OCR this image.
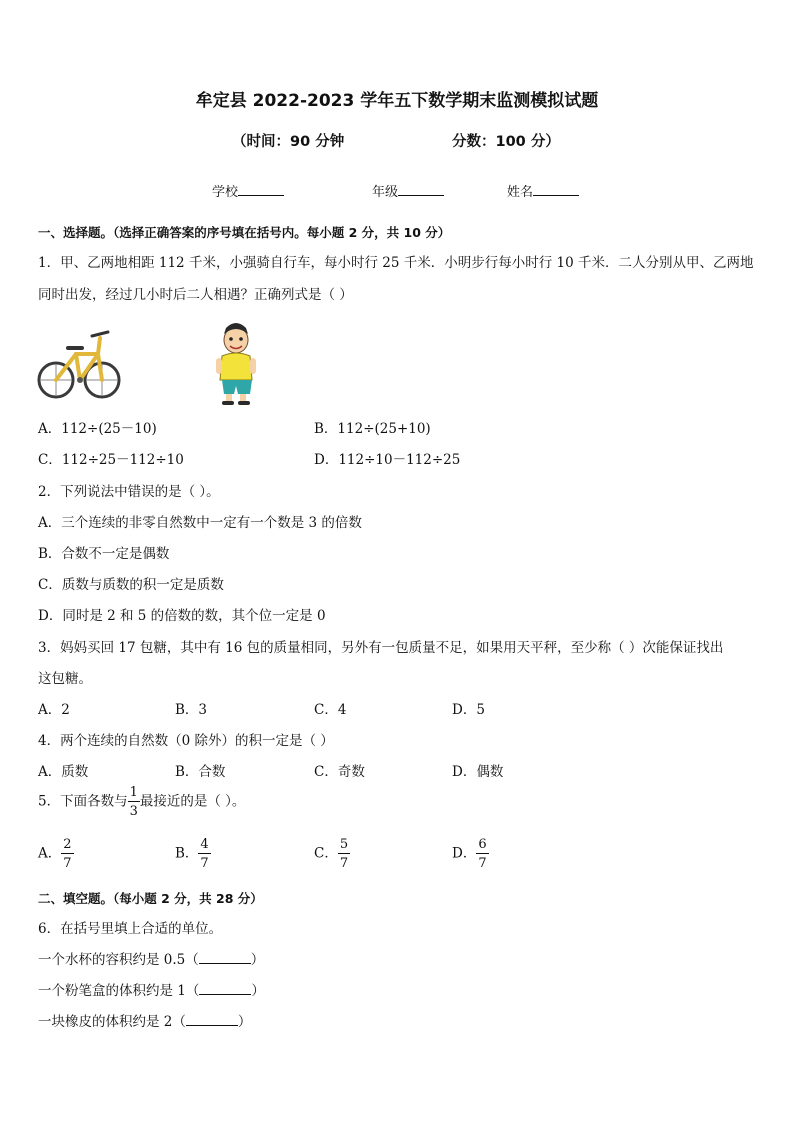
牟定县 2022-2023 学年五下数学期末监测模拟试题
（时间：90 分钟	分数：100 分）
学校	年级	姓名
一、选择题。（选择正确答案的序号填在括号内。每小题 2 分，共 10 分）
1．甲、乙两地相距 112 千米，小强骑自行车，每小时行 25 千米．小明步行每小时行 10 千米．二人分别从甲、乙两地
同时出发，经过几小时后二人相遇？正确列式是（ ）
A．112÷(25－10)	B．112÷(25+10)
C．112÷25－112÷10	D．112÷10－112÷25
2．下列说法中错误的是（ ）。
A．三个连续的非零自然数中一定有一个数是 3 的倍数
B．合数不一定是偶数
C．质数与质数的积一定是质数
D．同时是 2 和 5 的倍数的数，其个位一定是 0
3．妈妈买回 17 包糖，其中有 16 包的质量相同，另外有一包质量不足，如果用天平秤，至少称（ ）次能保证找出
这包糖。
A．2	B．3	C．4	D．5
4．两个连续的自然数（0 除外）的积一定是（ ）
A．质数	B．合数	C．奇数	D．偶数
5．下面各数与 $\frac{1}{3}$ 最接近的是（ ）。
A． $\frac{2}{7}$	B． $\frac{4}{7}$	C． $\frac{5}{7}$	D． $\frac{6}{7}$
二、填空题。（每小题 2 分，共 28 分）
6．在括号里填上合适的单位。
一个水杯的容积约是 0.5（	）
一个粉笔盒的体积约是 1（	）
一块橡皮的体积约是 2（	）
